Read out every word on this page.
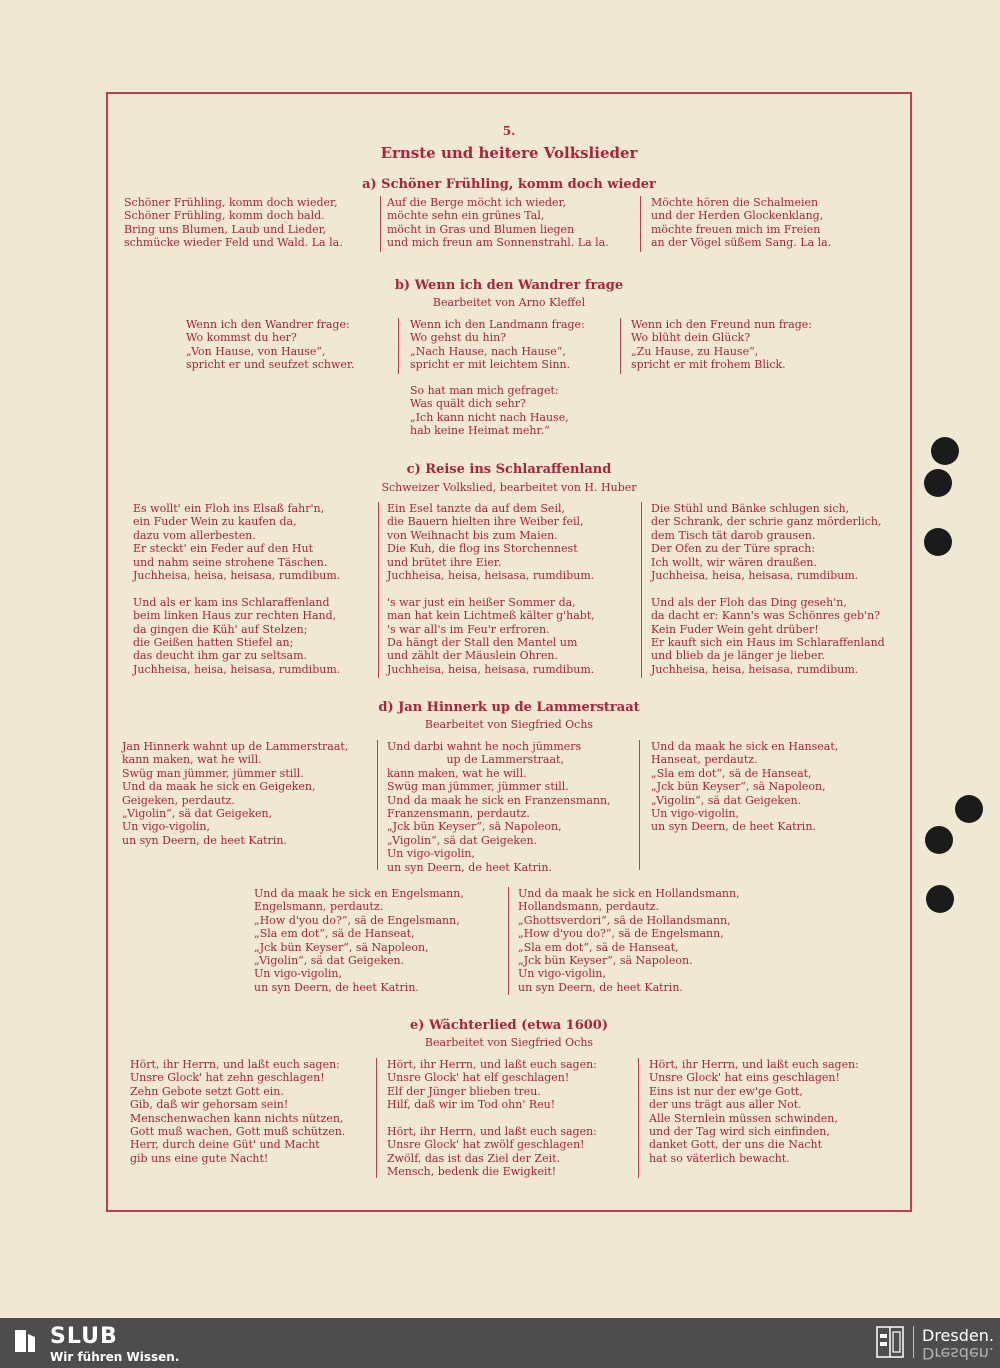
5.
Ernste und heitere Volkslieder
a) Schöner Frühling, komm doch wieder
Schöner Frühling, komm doch wieder,
Schöner Frühling, komm doch bald.
Bring uns Blumen, Laub und Lieder,
schmücke wieder Feld und Wald. La la.
Auf die Berge möcht ich wieder,
möchte sehn ein grünes Tal,
möcht in Gras und Blumen liegen
und mich freun am Sonnenstrahl. La la.
Möchte hören die Schalmeien
und der Herden Glockenklang,
möchte freuen mich im Freien
an der Vögel süßem Sang. La la.
b) Wenn ich den Wandrer frage
Bearbeitet von Arno Kleffel
Wenn ich den Wandrer frage:
Wo kommst du her?
„Von Hause, von Hause“,
spricht er und seufzet schwer.
Wenn ich den Landmann frage:
Wo gehst du hin?
„Nach Hause, nach Hause“,
spricht er mit leichtem Sinn.
Wenn ich den Freund nun frage:
Wo blüht dein Glück?
„Zu Hause, zu Hause“,
spricht er mit frohem Blick.
So hat man mich gefraget:
Was quält dich sehr?
„Ich kann nicht nach Hause,
hab keine Heimat mehr.“
c) Reise ins Schlaraffenland
Schweizer Volkslied, bearbeitet von H. Huber
Es wollt' ein Floh ins Elsaß fahr'n,
ein Fuder Wein zu kaufen da,
dazu vom allerbesten.
Er steckt' ein Feder auf den Hut
und nahm seine strohene Täschen.
Juchheisa, heisa, heisasa, rumdibum.

Und als er kam ins Schlaraffenland
beim linken Haus zur rechten Hand,
da gingen die Küh' auf Stelzen;
die Geißen hatten Stiefel an;
das deucht ihm gar zu seltsam.
Juchheisa, heisa, heisasa, rumdibum.
Ein Esel tanzte da auf dem Seil,
die Bauern hielten ihre Weiber feil,
von Weihnacht bis zum Maien.
Die Kuh, die flog ins Storchennest
und brütet ihre Eier.
Juchheisa, heisa, heisasa, rumdibum.

's war just ein heißer Sommer da,
man hat kein Lichtmeß kälter g'habt,
's war all's im Feu'r erfroren.
Da hängt der Stall den Mantel um
und zählt der Mäuslein Ohren.
Juchheisa, heisa, heisasa, rumdibum.
Die Stühl und Bänke schlugen sich,
der Schrank, der schrie ganz mörderlich,
dem Tisch tät darob grausen.
Der Ofen zu der Türe sprach:
Ich wollt, wir wären draußen.
Juchheisa, heisa, heisasa, rumdibum.

Und als der Floh das Ding geseh'n,
da dacht er: Kann's was Schönres geb'n?
Kein Fuder Wein geht drüber!
Er kauft sich ein Haus im Schlaraffenland
und blieb da je länger je lieber.
Juchheisa, heisa, heisasa, rumdibum.
d) Jan Hinnerk up de Lammerstraat
Bearbeitet von Siegfried Ochs
Jan Hinnerk wahnt up de Lammerstraat,
kann maken, wat he will.
Swüg man jümmer, jümmer still.
Und da maak he sick en Geigeken,
Geigeken, perdautz.
„Vigolin“, sä dat Geigeken,
Un vigo-vigolin,
un syn Deern, de heet Katrin.
Und darbi wahnt he noch jümmers
up de Lammerstraat,
kann maken, wat he will.
Swüg man jümmer, jümmer still.
Und da maak he sick en Franzensmann,
Franzensmann, perdautz.
„Jck bün Keyser“, sä Napoleon,
„Vigolin“, sä dat Geigeken.
Un vigo-vigolin,
un syn Deern, de heet Katrin.
Und da maak he sick en Hanseat,
Hanseat, perdautz.
„Sla em dot“, sä de Hanseat,
„Jck bün Keyser“, sä Napoleon,
„Vigolin“, sä dat Geigeken.
Un vigo-vigolin,
un syn Deern, de heet Katrin.
Und da maak he sick en Engelsmann,
Engelsmann, perdautz.
„How d'you do?“, sä de Engelsmann,
„Sla em dot“, sä de Hanseat,
„Jck bün Keyser“, sä Napoleon,
„Vigolin“, sä dat Geigeken.
Un vigo-vigolin,
un syn Deern, de heet Katrin.
Und da maak he sick en Hollandsmann,
Hollandsmann, perdautz.
„Ghottsverdori“, sä de Hollandsmann,
„How d'you do?“, sä de Engelsmann,
„Sla em dot“, sä de Hanseat,
„Jck bün Keyser“, sä Napoleon.
Un vigo-vigolin,
un syn Deern, de heet Katrin.
e) Wächterlied (etwa 1600)
Bearbeitet von Siegfried Ochs
Hört, ihr Herrn, und laßt euch sagen:
Unsre Glock' hat zehn geschlagen!
Zehn Gebote setzt Gott ein.
Gib, daß wir gehorsam sein!
Menschenwachen kann nichts nützen,
Gott muß wachen, Gott muß schützen.
Herr, durch deine Güt' und Macht
gib uns eine gute Nacht!
Hört, ihr Herrn, und laßt euch sagen:
Unsre Glock' hat elf geschlagen!
Elf der Jünger blieben treu.
Hilf, daß wir im Tod ohn' Reu!

Hört, ihr Herrn, und laßt euch sagen:
Unsre Glock' hat zwölf geschlagen!
Zwölf, das ist das Ziel der Zeit.
Mensch, bedenk die Ewigkeit!
Hört, ihr Herrn, und laßt euch sagen:
Unsre Glock' hat eins geschlagen!
Eins ist nur der ew'ge Gott,
der uns trägt aus aller Not.
Alle Sternlein müssen schwinden,
und der Tag wird sich einfinden,
danket Gott, der uns die Nacht
hat so väterlich bewacht.
SLUB
Wir führen Wissen.
Dresden.
Dresden.
